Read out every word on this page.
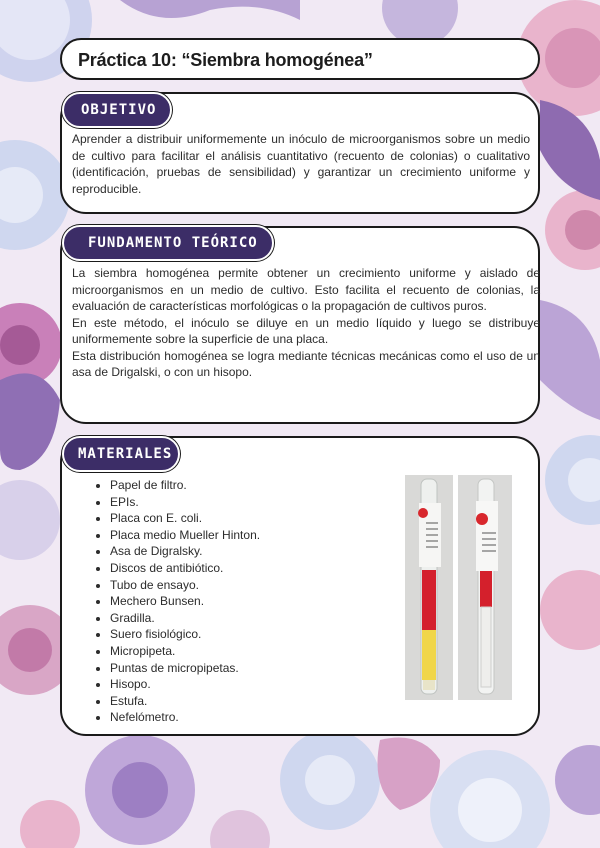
Práctica 10: “Siembra homogénea”
OBJETIVO
Aprender a distribuir uniformemente un inóculo de microorganismos sobre un medio de cultivo para facilitar el análisis cuantitativo (recuento de colonias) o cualitativo (identificación, pruebas de sensibilidad) y garantizar un crecimiento uniforme y reproducible.
FUNDAMENTO TEÓRICO

La siembra homogénea permite obtener un crecimiento uniforme y aislado de microorganismos en un medio de cultivo. Esto facilita el recuento de colonias, la evaluación de características morfológicas o la propagación de cultivos puros.

En este método, el inóculo se diluye en un medio líquido y luego se distribuye uniformemente sobre la superficie de una placa.

Esta distribución homogénea se logra mediante técnicas mecánicas como el uso de un asa de Drigalski, o con un hisopo.

MATERIALES
• Papel de filtro.
• EPIs.
• Placa con E. coli.
• Placa medio Mueller Hinton.
• Asa de Digralsky.
• Discos de antibiótico.
• Tubo de ensayo.
• Mechero Bunsen.
• Gradilla.
• Suero fisiológico.
• Micropipeta.
• Puntas de micropipetas.
• Hisopo.
• Estufa.
• Nefelómetro.
